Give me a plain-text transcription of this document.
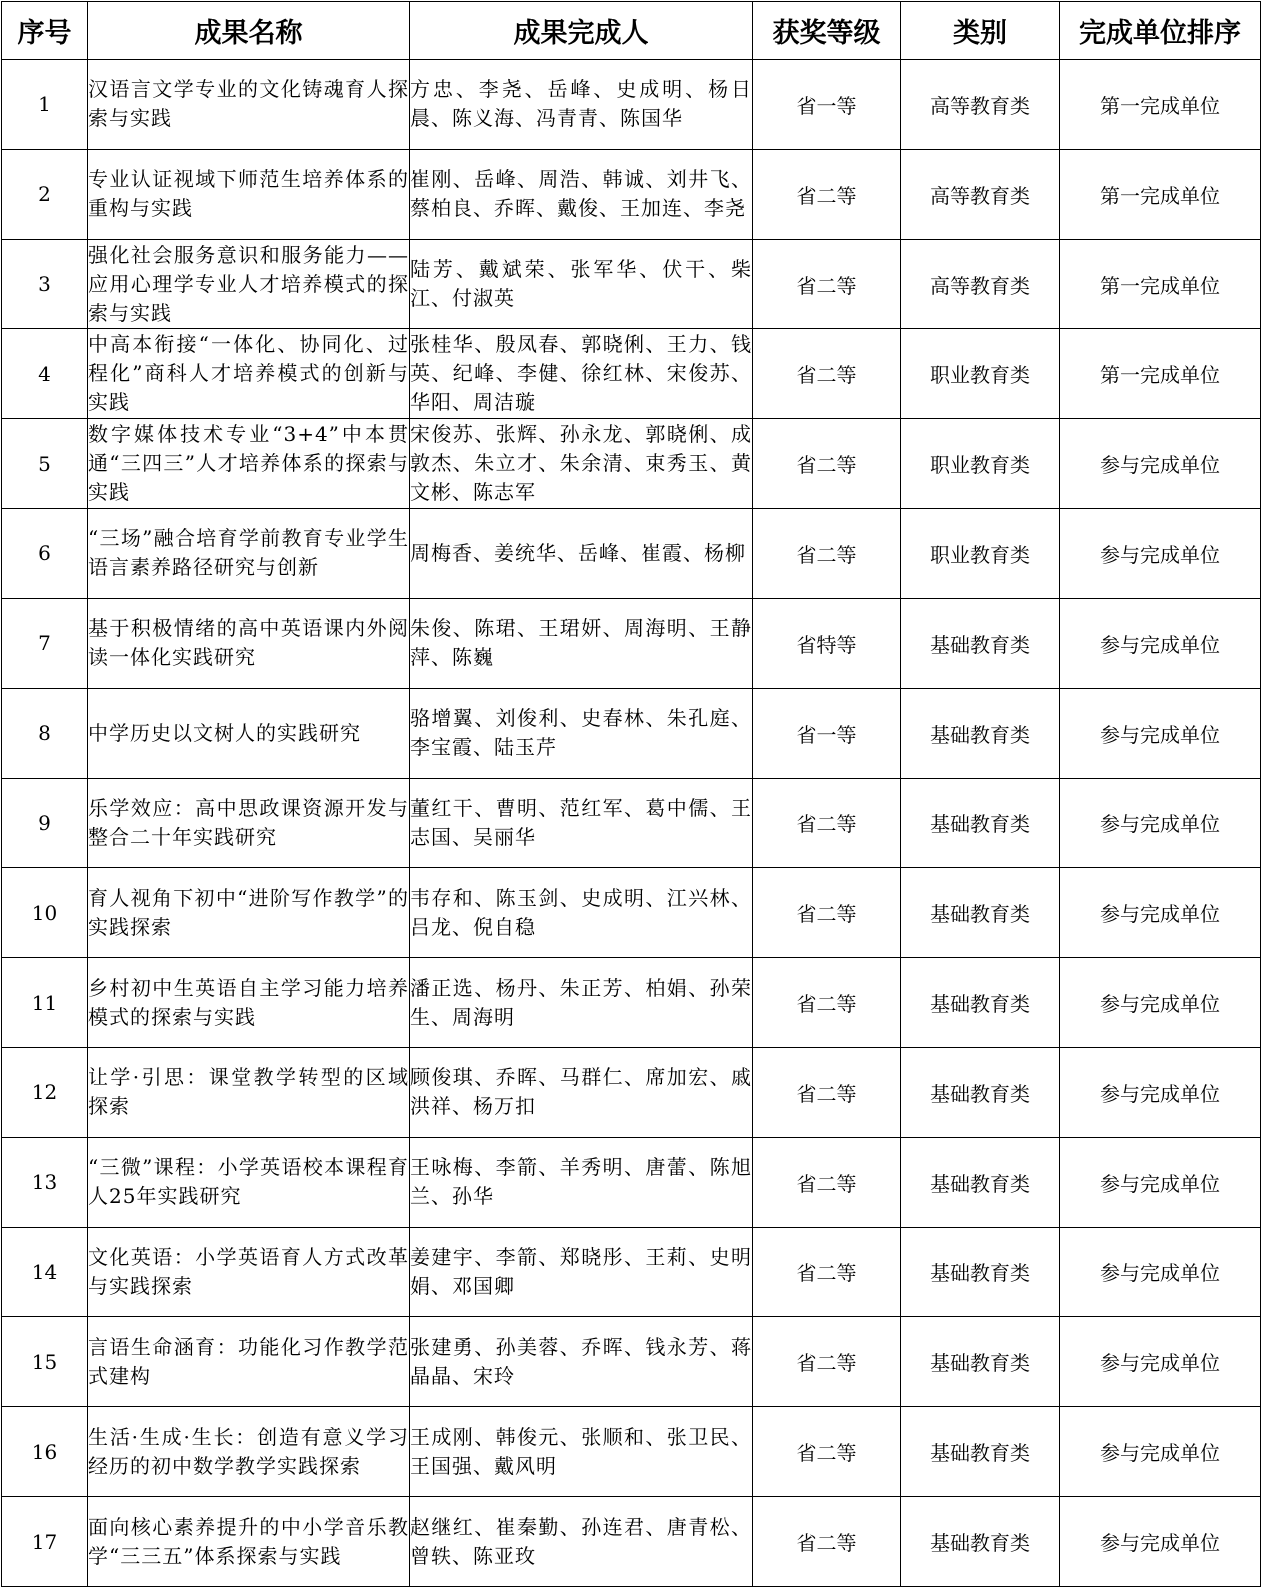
序号	成果名称	成果完成人	获奖等级	类别	完成单位排序
1	汉语言文学专业的文化铸魂育人探索与实践	方忠、李尧、岳峰、史成明、杨日晨、陈义海、冯青青、陈国华	省一等	高等教育类	第一完成单位
2	专业认证视域下师范生培养体系的重构与实践	崔刚、岳峰、周浩、韩诚、刘井飞、蔡柏良、乔晖、戴俊、王加连、李尧	省二等	高等教育类	第一完成单位
3	强化社会服务意识和服务能力——应用心理学专业人才培养模式的探索与实践	陆芳、戴斌荣、张军华、伏干、柴江、付淑英	省二等	高等教育类	第一完成单位
4	中高本衔接“一体化、协同化、过程化”商科人才培养模式的创新与实践	张桂华、殷凤春、郭晓俐、王力、钱英、纪峰、李健、徐红林、宋俊苏、华阳、周洁璇	省二等	职业教育类	第一完成单位
5	数字媒体技术专业“3+4”中本贯通“三四三”人才培养体系的探索与实践	宋俊苏、张辉、孙永龙、郭晓俐、成敦杰、朱立才、朱余清、束秀玉、黄文彬、陈志军	省二等	职业教育类	参与完成单位
6	“三场”融合培育学前教育专业学生语言素养路径研究与创新	周梅香、姜统华、岳峰、崔霞、杨柳	省二等	职业教育类	参与完成单位
7	基于积极情绪的高中英语课内外阅读一体化实践研究	朱俊、陈珺、王珺妍、周海明、王静萍、陈巍	省特等	基础教育类	参与完成单位
8	中学历史以文树人的实践研究	骆增翼、刘俊利、史春林、朱孔庭、李宝霞、陆玉芹	省一等	基础教育类	参与完成单位
9	乐学效应：高中思政课资源开发与整合二十年实践研究	董红干、曹明、范红军、葛中儒、王志国、吴丽华	省二等	基础教育类	参与完成单位
10	育人视角下初中“进阶写作教学”的实践探索	韦存和、陈玉剑、史成明、江兴林、吕龙、倪自稳	省二等	基础教育类	参与完成单位
11	乡村初中生英语自主学习能力培养模式的探索与实践	潘正选、杨丹、朱正芳、柏娟、孙荣生、周海明	省二等	基础教育类	参与完成单位
12	让学·引思：课堂教学转型的区域探索	顾俊琪、乔晖、马群仁、席加宏、戚洪祥、杨万扣	省二等	基础教育类	参与完成单位
13	“三微”课程：小学英语校本课程育人25年实践研究	王咏梅、李箭、羊秀明、唐蕾、陈旭兰、孙华	省二等	基础教育类	参与完成单位
14	文化英语：小学英语育人方式改革与实践探索	姜建宇、李箭、郑晓彤、王莉、史明娟、邓国卿	省二等	基础教育类	参与完成单位
15	言语生命涵育：功能化习作教学范式建构	张建勇、孙美蓉、乔晖、钱永芳、蒋晶晶、宋玲	省二等	基础教育类	参与完成单位
16	生活·生成·生长：创造有意义学习经历的初中数学教学实践探索	王成刚、韩俊元、张顺和、张卫民、王国强、戴风明	省二等	基础教育类	参与完成单位
17	面向核心素养提升的中小学音乐教学“三三五”体系探索与实践	赵继红、崔秦勤、孙连君、唐青松、曾轶、陈亚玫	省二等	基础教育类	参与完成单位
